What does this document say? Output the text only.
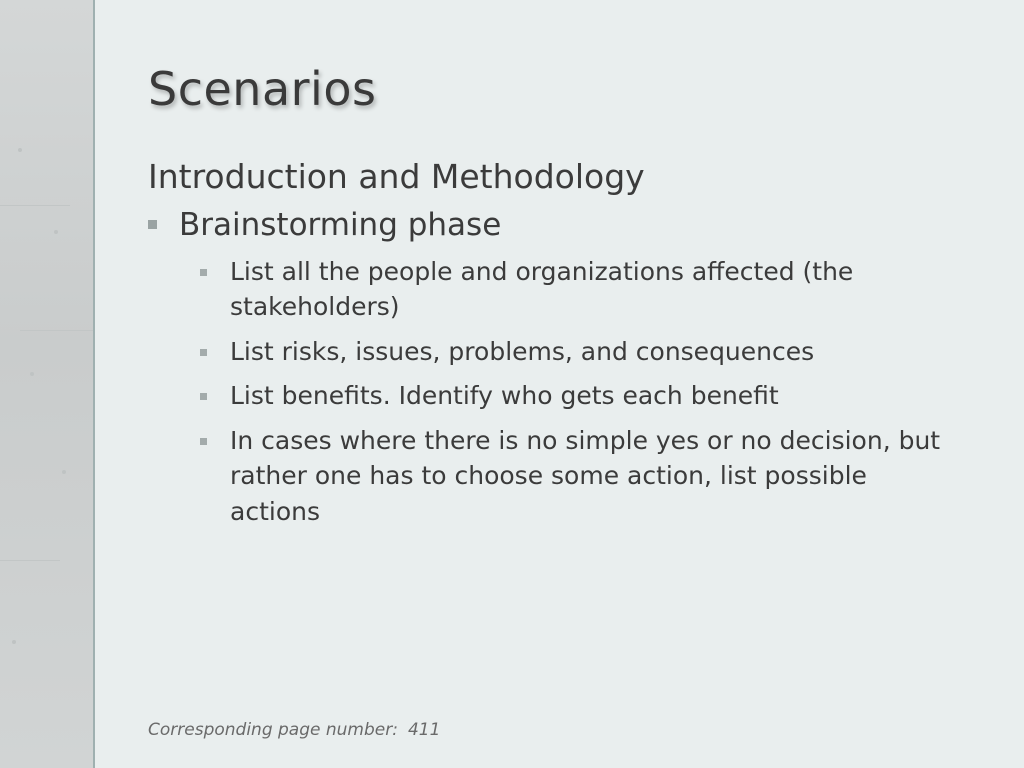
Scenarios
Introduction and Methodology
Brainstorming phase
List all the people and organizations affected (the stakeholders)
List risks, issues, problems, and consequences
List benefits. Identify who gets each benefit
In cases where there is no simple yes or no decision, but rather one has to choose some action, list possible actions
Corresponding page number: 411
